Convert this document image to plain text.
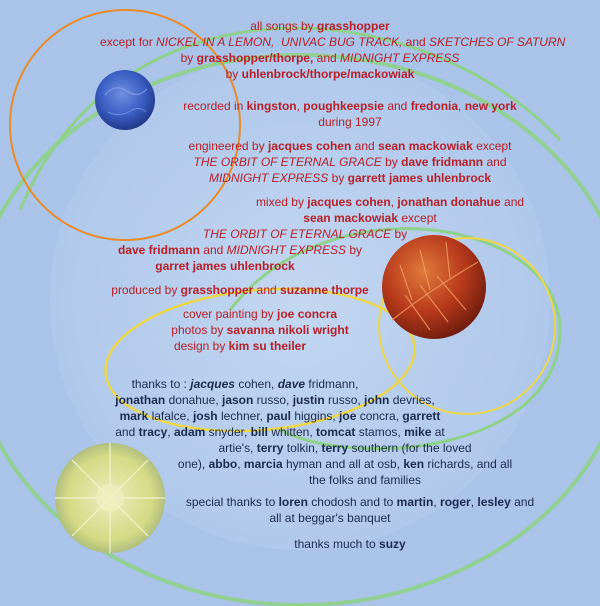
all songs by grasshopper
except for NICKEL IN A LEMON, UNIVAC BUG TRACK, and SKETCHES OF SATURN
by grasshopper/thorpe, and MIDNIGHT EXPRESS
by uhlenbrock/thorpe/mackowiak
recorded in kingston, poughkeepsie and fredonia, new york
during 1997
engineered by jacques cohen and sean mackowiak except
THE ORBIT OF ETERNAL GRACE by dave fridmann and
MIDNIGHT EXPRESS by garrett james uhlenbrock
mixed by jacques cohen, jonathan donahue and
sean mackowiak except
THE ORBIT OF ETERNAL GRACE by
dave fridmann and MIDNIGHT EXPRESS by
garret james uhlenbrock
produced by grasshopper and suzanne thorpe
cover painting by joe concra
photos by savanna nikoli wright
design by kim su theiler
thanks to : jacques cohen, dave fridmann,
jonathan donahue, jason russo, justin russo, john devries,
mark lafalce, josh lechner, paul higgins, joe concra, garrett
and tracy, adam snyder, bill whitten, tomcat stamos, mike at
artie's, terry tolkin, terry southern (for the loved
one), abbo, marcia hyman and all at osb, ken richards, and all
the folks and families
special thanks to loren chodosh and to martin, roger, lesley and
all at beggar's banquet
thanks much to suzy
